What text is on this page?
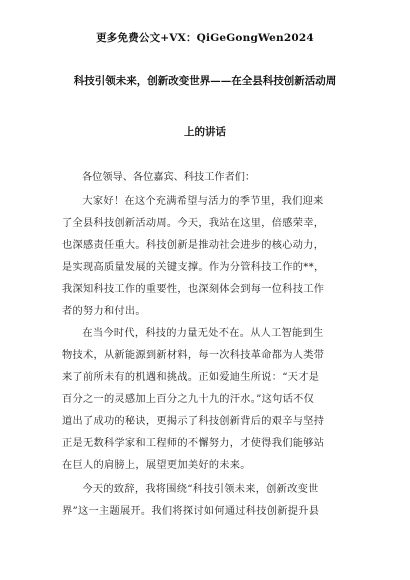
更多免费公文+VX：QiGeGongWen2024
科技引领未来，创新改变世界——在全县科技创新活动周
上的讲话
各位领导、各位嘉宾、科技工作者们：
大家好！在这个充满希望与活力的季节里，我们迎来
了全县科技创新活动周。今天，我站在这里，倍感荣幸，
也深感责任重大。科技创新是推动社会进步的核心动力，
是实现高质量发展的关键支撑。作为分管科技工作的**，
我深知科技工作的重要性，也深刻体会到每一位科技工作
者的努力和付出。
在当今时代，科技的力量无处不在。从人工智能到生
物技术，从新能源到新材料，每一次科技革命都为人类带
来了前所未有的机遇和挑战。正如爱迪生所说：“天才是
百分之一的灵感加上百分之九十九的汗水。”这句话不仅
道出了成功的秘诀，更揭示了科技创新背后的艰辛与坚持
正是无数科学家和工程师的不懈努力，才使得我们能够站
在巨人的肩膀上，展望更加美好的未来。
今天的致辞，我将围绕“科技引领未来，创新改变世
界”这一主题展开。我们将探讨如何通过科技创新提升县
